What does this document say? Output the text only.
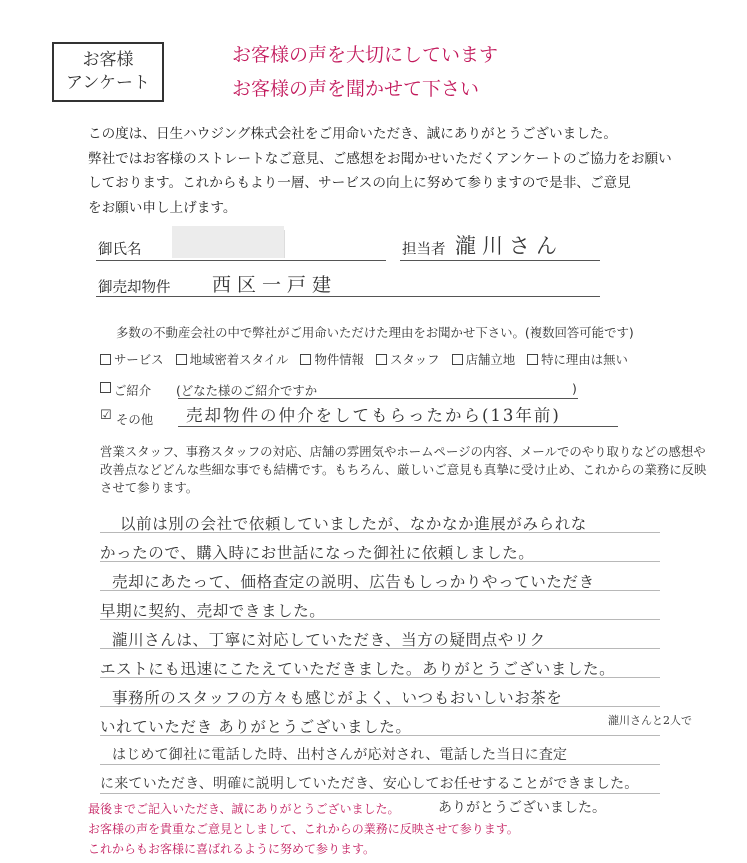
お客様
アンケート
お客様の声を大切にしています
お客様の声を聞かせて下さい
この度は、日生ハウジング株式会社をご用命いただき、誠にありがとうございました。
弊社ではお客様のストレートなご意見、ご感想をお聞かせいただくアンケートのご協力をお願い
しております。これからもより一層、サービスの向上に努めて参りますので是非、ご意見
をお願い申し上げます。
御氏名	担当者 瀧川さん
御売却物件 西区一戸建
多数の不動産会社の中で弊社がご用命いただけた理由をお聞かせ下さい。(複数回答可能です)
サービス	地域密着スタイル	物件情報	スタッフ	店舗立地	特に理由は無い
ご紹介 (どなた様のご紹介ですか	)
☑ その他 売却物件の仲介をしてもらったから(13年前)
営業スタッフ、事務スタッフの対応、店舗の雰囲気やホームページの内容、メールでのやり取りなどの感想や
改善点などどんな些細な事でも結構です。もちろん、厳しいご意見も真摯に受け止め、これからの業務に反映
させて参ります。
以前は別の会社で依頼していましたが、なかなか進展がみられな
かったので、購入時にお世話になった御社に依頼しました。
売却にあたって、価格査定の説明、広告もしっかりやっていただき
早期に契約、売却できました。
瀧川さんは、丁寧に対応していただき、当方の疑問点やリク
エストにも迅速にこたえていただきました。ありがとうございました。
事務所のスタッフの方々も感じがよく、いつもおいしいお茶を
いれていただき ありがとうございました。	瀧川さんと2人で
はじめて御社に電話した時、出村さんが応対され、電話した当日に査定
に来ていただき、明確に説明していただき、安心してお任せすることができました。
最後までご記入いただき、誠にありがとうございました。	ありがとうございました。
お客様の声を貴重なご意見としまして、これからの業務に反映させて参ります。
これからもお客様に喜ばれるように努めて参ります。
